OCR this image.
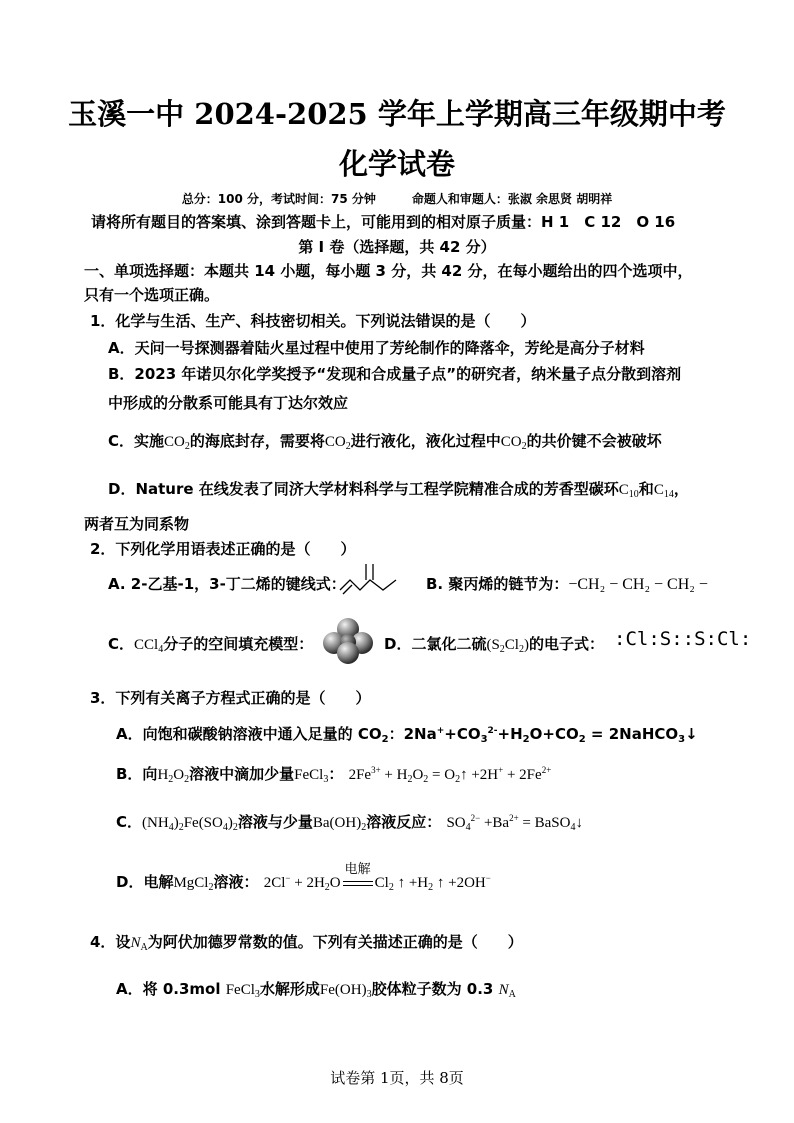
玉溪一中 2024-2025 学年上学期高三年级期中考
化学试卷
总分：100 分，考试时间：75 分钟　　　命题人和审题人：张淑 余思贤 胡明祥
请将所有题目的答案填、涂到答题卡上，可能用到的相对原子质量：H 1　C 12　O 16
第 I 卷（选择题，共 42 分）
一、单项选择题：本题共 14 小题，每小题 3 分，共 42 分，在每小题给出的四个选项中，
只有一个选项正确。
1．化学与生活、生产、科技密切相关。下列说法错误的是（　　）
A．天问一号探测器着陆火星过程中使用了芳纶制作的降落伞，芳纶是高分子材料
B．2023 年诺贝尔化学奖授予“发现和合成量子点”的研究者，纳米量子点分散到溶剂
中形成的分散系可能具有丁达尔效应
C．实施$CO_2$的海底封存，需要将$CO_2$进行液化，液化过程中$CO_2$的共价键不会被破坏
D．Nature 在线发表了同济大学材料科学与工程学院精准合成的芳香型碳环$C_{10}$和$C_{14}$，
两者互为同系物
2．下列化学用语表述正确的是（　　）
A. 2-乙基-1，3-丁二烯的键线式：	B. 聚丙烯的链节为：−CH₂ − CH₂ − CH₂ −
C．CCl$_4$分子的空间填充模型：	D．二氯化二硫$(S_2Cl_2)$的电子式： :Cl:S::S:Cl:
3．下列有关离子方程式正确的是（　　）
A．向饱和碳酸钠溶液中通入足量的 $CO_2$：$2Na^++CO_3^{2-}+H_2O+CO_2$ = 2NaHCO$_3$↓
B．向$H_2O_2$溶液中滴加少量FeCl$_3$： $2Fe^{3+} + H_2O_2$ = $O_2↑ +2H^+ + 2Fe^{2+}$
C．$(NH_4)_2Fe(SO_4)_2$溶液与少量$Ba(OH)_2$溶液反应： $SO_4^{2-} +Ba^{2+}$ = BaSO$_4$↓
D．电解MgCl$_2$溶液： $2Cl^- + 2H_2O$
电解
$Cl_2$ ↑ $+H_2$ ↑ +2OH−
4．设$N_A$为阿伏加德罗常数的值。下列有关描述正确的是（　　）
A．将 0.3mol FeCl$_3$水解形成$Fe(OH)_3$胶体粒子数为 0.3 $N_A$
试卷第 1页，共 8页
